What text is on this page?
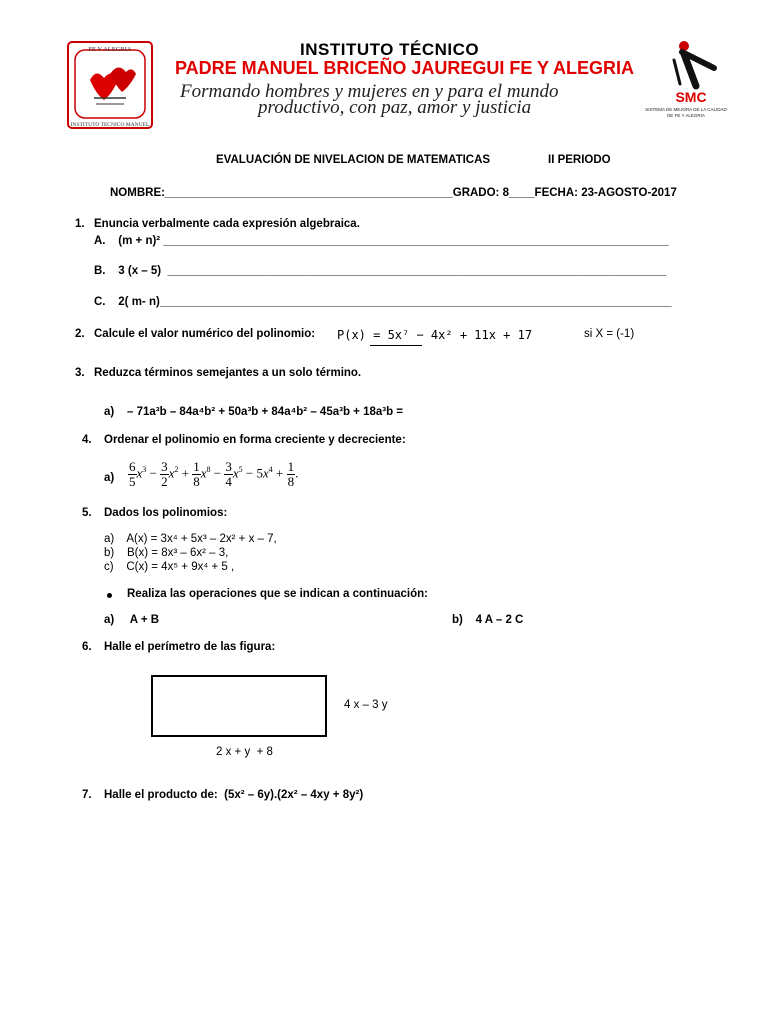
FE Y ALEGRIA
INSTITUTO TECNICO MANUEL
INSTITUTO TÉCNICO
PADRE MANUEL BRICEÑO JAUREGUI FE Y ALEGRIA
Formando hombres y mujeres en y para el mundo
productivo, con paz, amor y justicia	SMC
SISTEMA DE MEJORA DE LA CALIDAD
DE FE Y ALEGRIA
EVALUACIÓN DE NIVELACION DE MATEMATICAS	II PERIODO
NOMBRE:_____________________________________________GRADO: 8____FECHA: 23-AGOSTO-2017
1. Enuncia verbalmente cada expresión algebraica.
A.    (m + n)² _______________________________________________________________________________
B.    3 (x – 5)  ______________________________________________________________________________
C.    2( m- n)________________________________________________________________________________
2. Calcule el valor numérico del polinomio: P(x) = 5x⁷ − 4x² + 11x + 17	si X = (-1)
3. Reduzca términos semejantes a un solo término.
a)    – 71a³b – 84a⁴b² + 50a³b + 84a⁴b² – 45a³b + 18a³b =
4. Ordenar el polinomio en forma creciente y decreciente:
$a) \frac{6}{5} x^3 - \frac{3}{2} x^2 + \frac{1}{8} x^8 - \frac{3}{4} x^5 - 5x^4 + \frac{1}{8}$ .
5. Dados los polinomios:
a)    A(x) = 3x⁴ + 5x³ – 2x² + x – 7,
b)    B(x) = 8x³ – 6x² – 3,
c)    C(x) = 4x⁵ + 9x⁴ + 5 ,
Realiza las operaciones que se indican a continuación:
a)     A + B	b)    4 A – 2 C
6. Halle el perímetro de las figura:
4 x – 3 y
2 x + y  + 8
7. Halle el producto de:  (5x² – 6y).(2x² – 4xy + 8y²)
